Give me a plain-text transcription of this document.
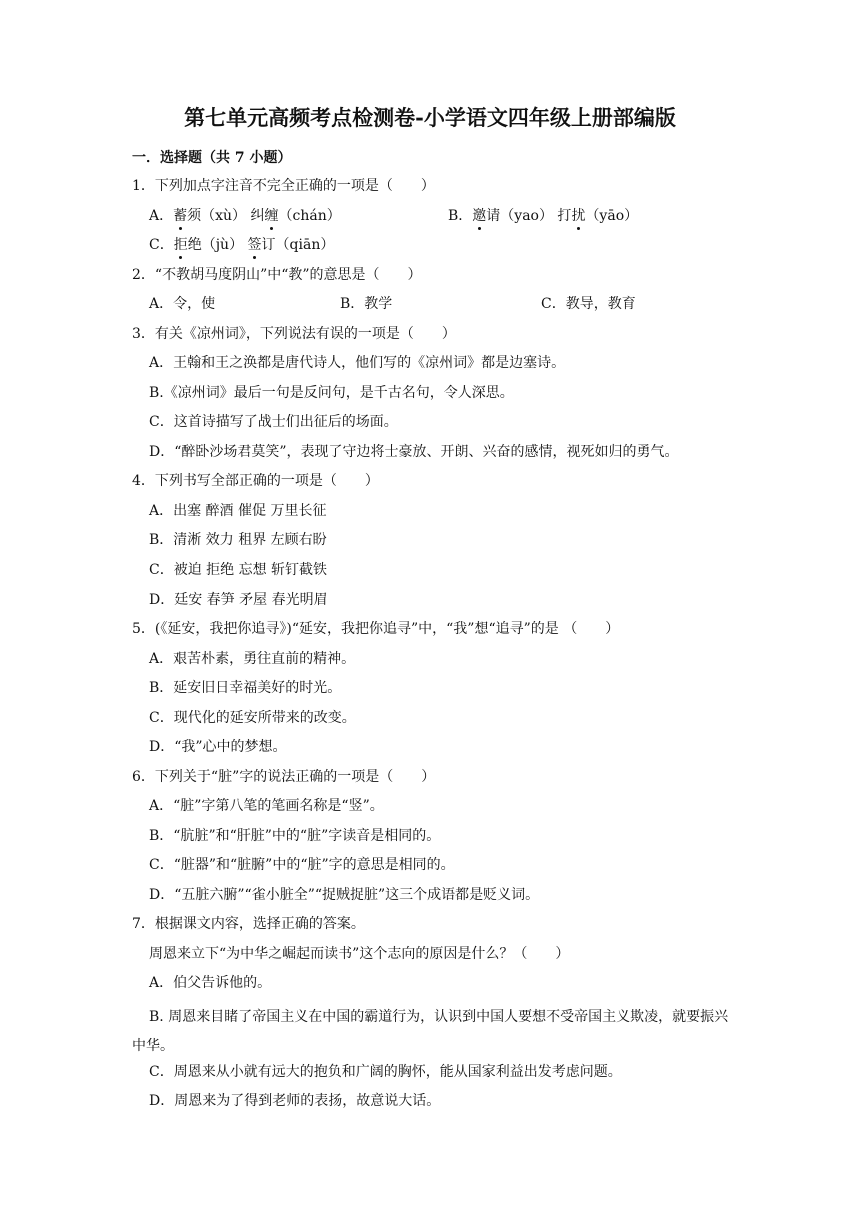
第七单元高频考点检测卷-小学语文四年级上册部编版
一．选择题（共 7 小题）
1．下列加点字注音不完全正确的一项是（　　）
A．蓄须（xù） 纠缠（chán）	B．邀请（yao） 打扰（yāo）
C．拒绝（jù） 签订（qiān）
2．“不教胡马度阴山”中“教”的意思是（　　）
A．令，使	B．教学	C．教导，教育
3．有关《凉州词》，下列说法有误的一项是（　　）
A．王翰和王之涣都是唐代诗人，他们写的《凉州词》都是边塞诗。
B.《凉州词》最后一句是反问句，是千古名句，令人深思。
C．这首诗描写了战士们出征后的场面。
D．“醉卧沙场君莫笑”，表现了守边将士豪放、开朗、兴奋的感情，视死如归的勇气。
4．下列书写全部正确的一项是（　　）
A．出塞 醉酒 催促 万里长征
B．清淅 效力 租界 左顾右盼
C．被迫 拒绝 忘想 斩钉截铁
D．廷安 春笋 矛屋 春光明眉
5．(《延安，我把你追寻》)“延安，我把你追寻”中，“我”想“追寻”的是 （　　）
A．艰苦朴素，勇往直前的精神。
B．延安旧日幸福美好的时光。
C．现代化的延安所带来的改变。
D．“我”心中的梦想。
6．下列关于“脏”字的说法正确的一项是（　　）
A．“脏”字第八笔的笔画名称是“竖”。
B．“肮脏”和“肝脏”中的“脏”字读音是相同的。
C．“脏器”和“脏腑”中的“脏”字的意思是相同的。
D．“五脏六腑”“雀小脏全”“捉贼捉脏”这三个成语都是贬义词。
7．根据课文内容，选择正确的答案。
周恩来立下“为中华之崛起而读书”这个志向的原因是什么？（　　）
A．伯父告诉他的。
B. 周恩来目睹了帝国主义在中国的霸道行为，认识到中国人要想不受帝国主义欺凌，就要振兴中华。
C．周恩来从小就有远大的抱负和广阔的胸怀，能从国家利益出发考虑问题。
D．周恩来为了得到老师的表扬，故意说大话。
